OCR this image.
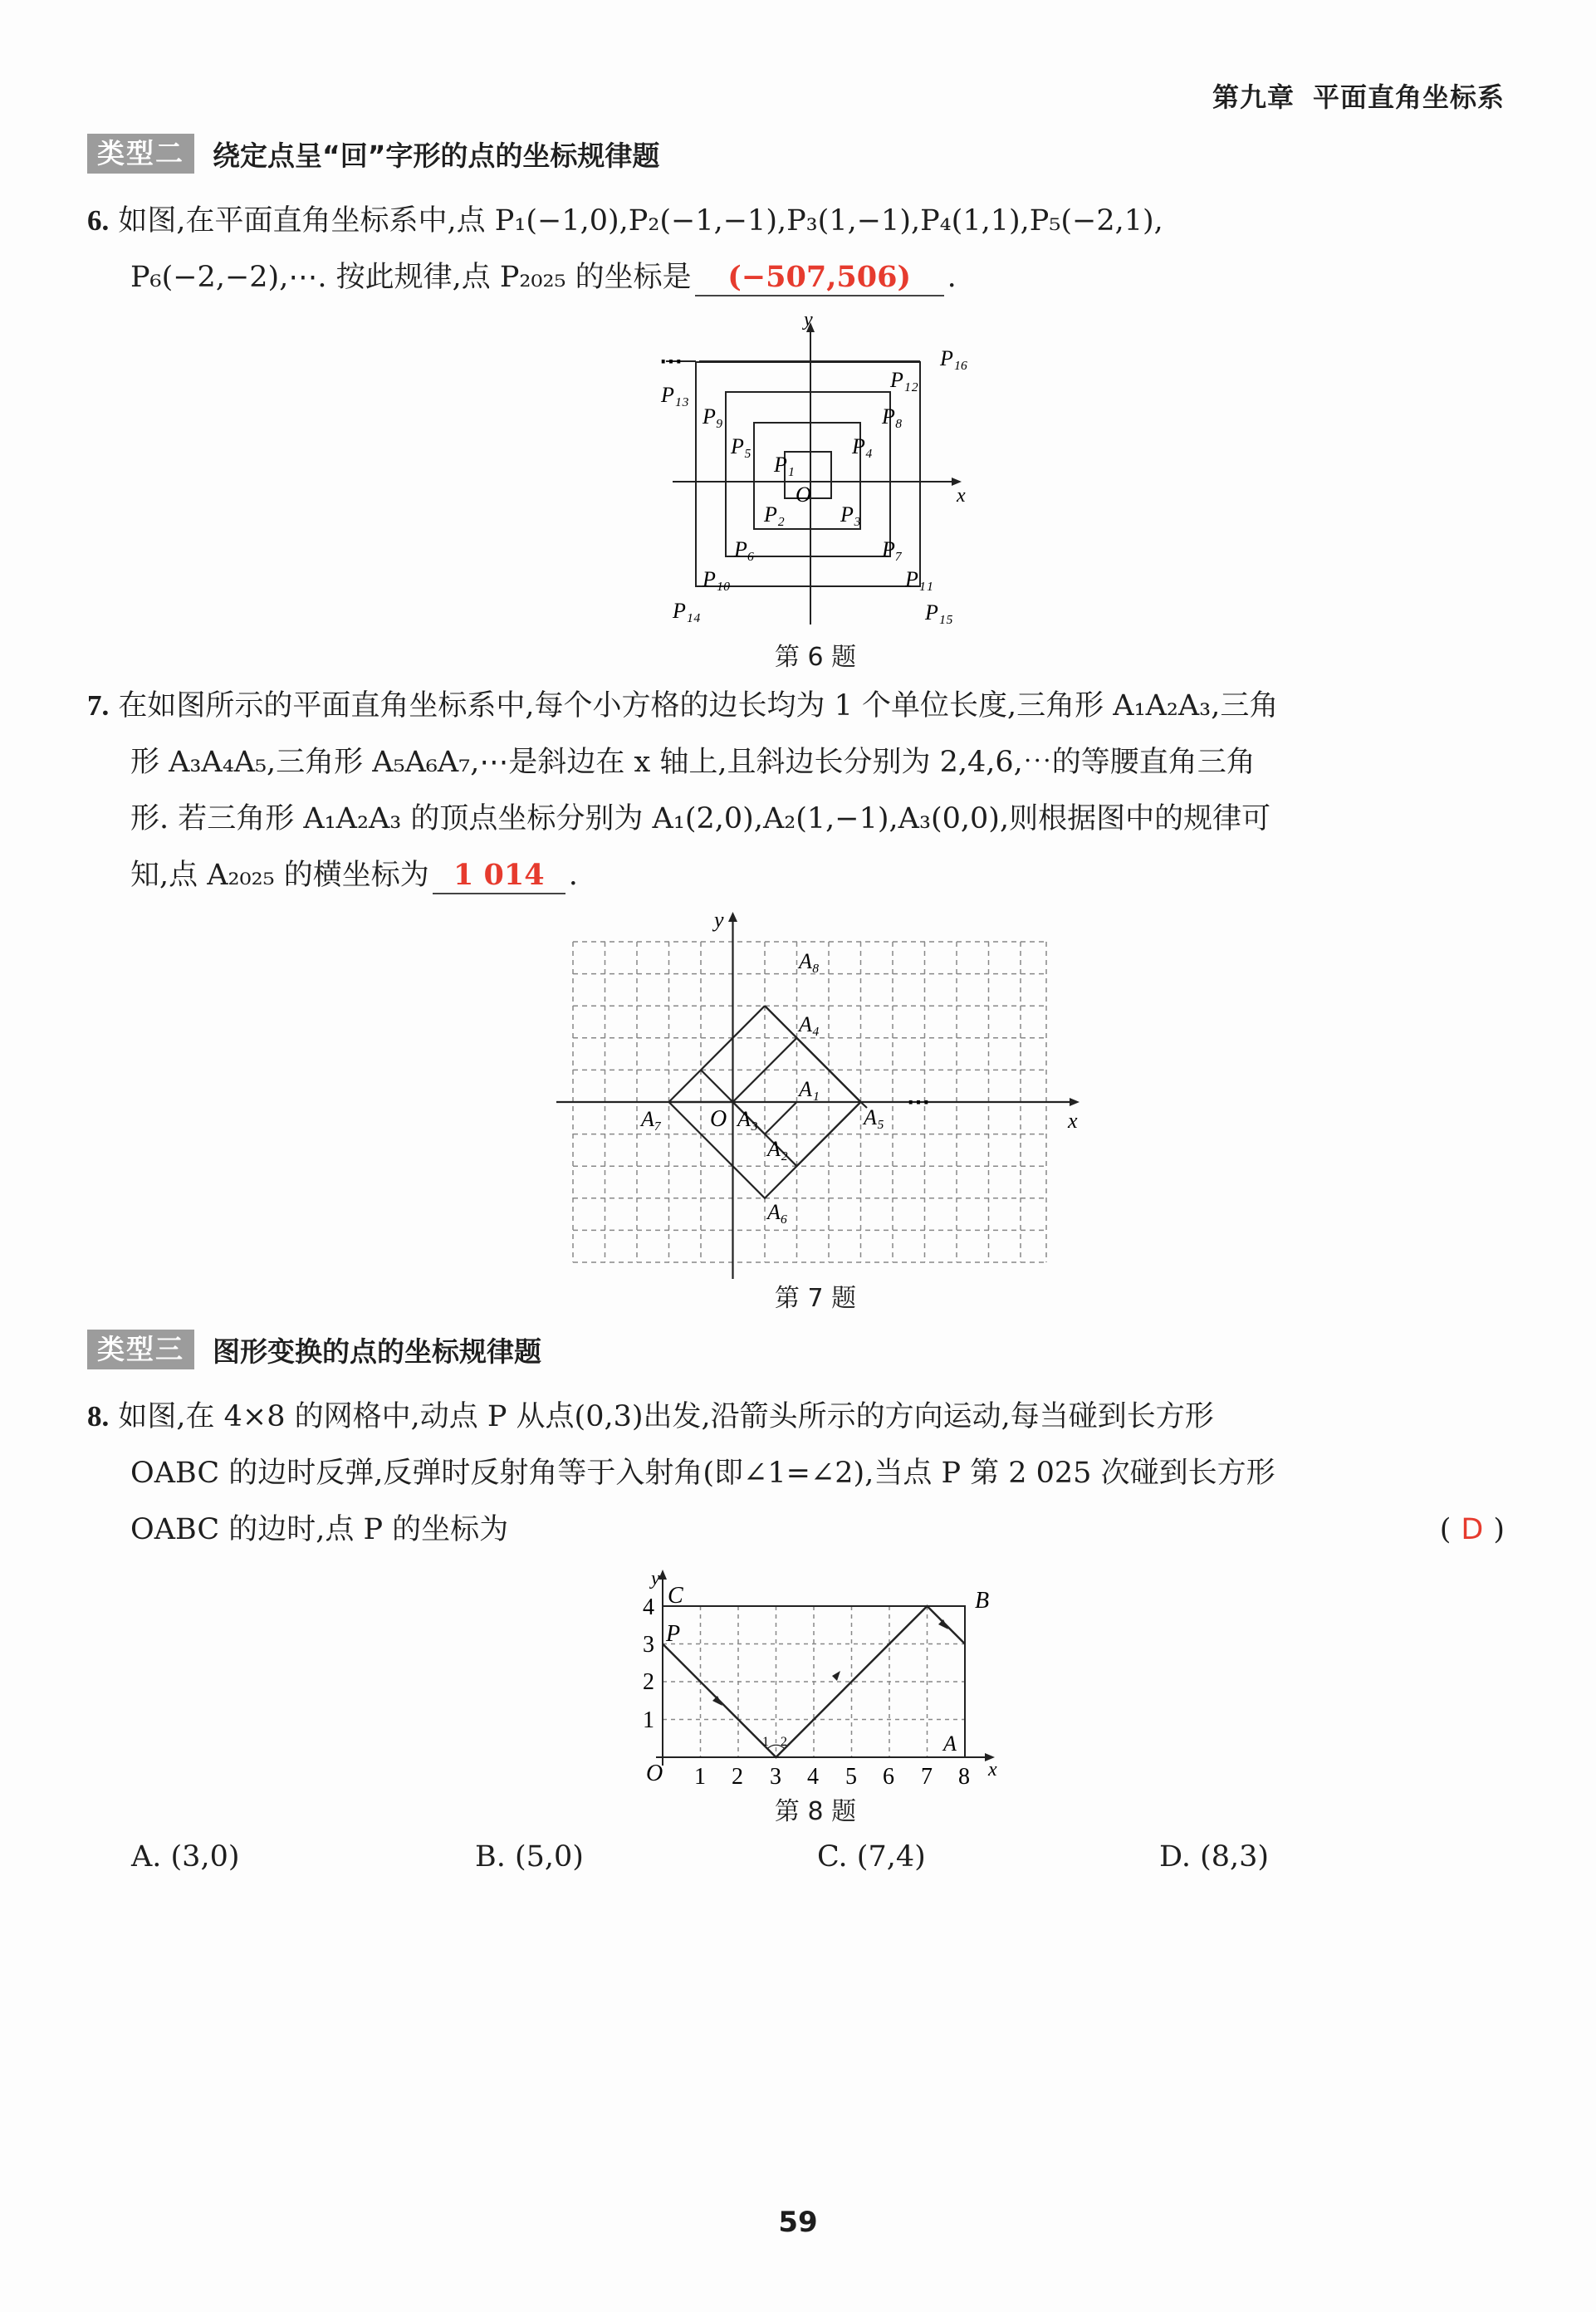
第九章 平面直角坐标系
类型二	绕定点呈“回”字形的点的坐标规律题

6. 如图,在平面直角坐标系中,点 P₁(−1,0),P₂(−1,−1),P₃(1,−1),P₄(1,1),P₅(−2,1),

P₆(−2,−2),⋯. 按此规律,点 P₂₀₂₅ 的坐标是 (−507,506) .

y
x
O
⋯
P₁
P₂	P₃
P₄
P₅
P₆	P₇
P₈
P₉
P₁₀	P₁₁
P₁₂
P₁₃
P₁₄	P₁₅
P₁₆
第 6 题

7. 在如图所示的平面直角坐标系中,每个小方格的边长均为 1 个单位长度,三角形 A₁A₂A₃,三角

形 A₃A₄A₅,三角形 A₅A₆A₇,⋯是斜边在 x 轴上,且斜边长分别为 2,4,6,⋯的等腰直角三角

形. 若三角形 A₁A₂A₃ 的顶点坐标分别为 A₁(2,0),A₂(1,−1),A₃(0,0),则根据图中的规律可

知,点 A₂₀₂₅ 的横坐标为 1 014 .

y
x
O
⋯
A₁
A₂
A₃
A₄
A₅
A₆
A₇
A₈
第 7 题
类型三	图形变换的点的坐标规律题

8. 如图,在 4×8 的网格中,动点 P 从点(0,3)出发,沿箭头所示的方向运动,每当碰到长方形

OABC 的边时反弹,反弹时反射角等于入射角(即∠1=∠2),当点 P 第 2 025 次碰到长方形

OABC 的边时,点 P 的坐标为	( D )
y
x
O
A
B
C
P
1 2
1 2 3 4 5 6 7 8
1
2
3
4
第 8 题
A. (3,0)	B. (5,0)	C. (7,4)	D. (8,3)
59
